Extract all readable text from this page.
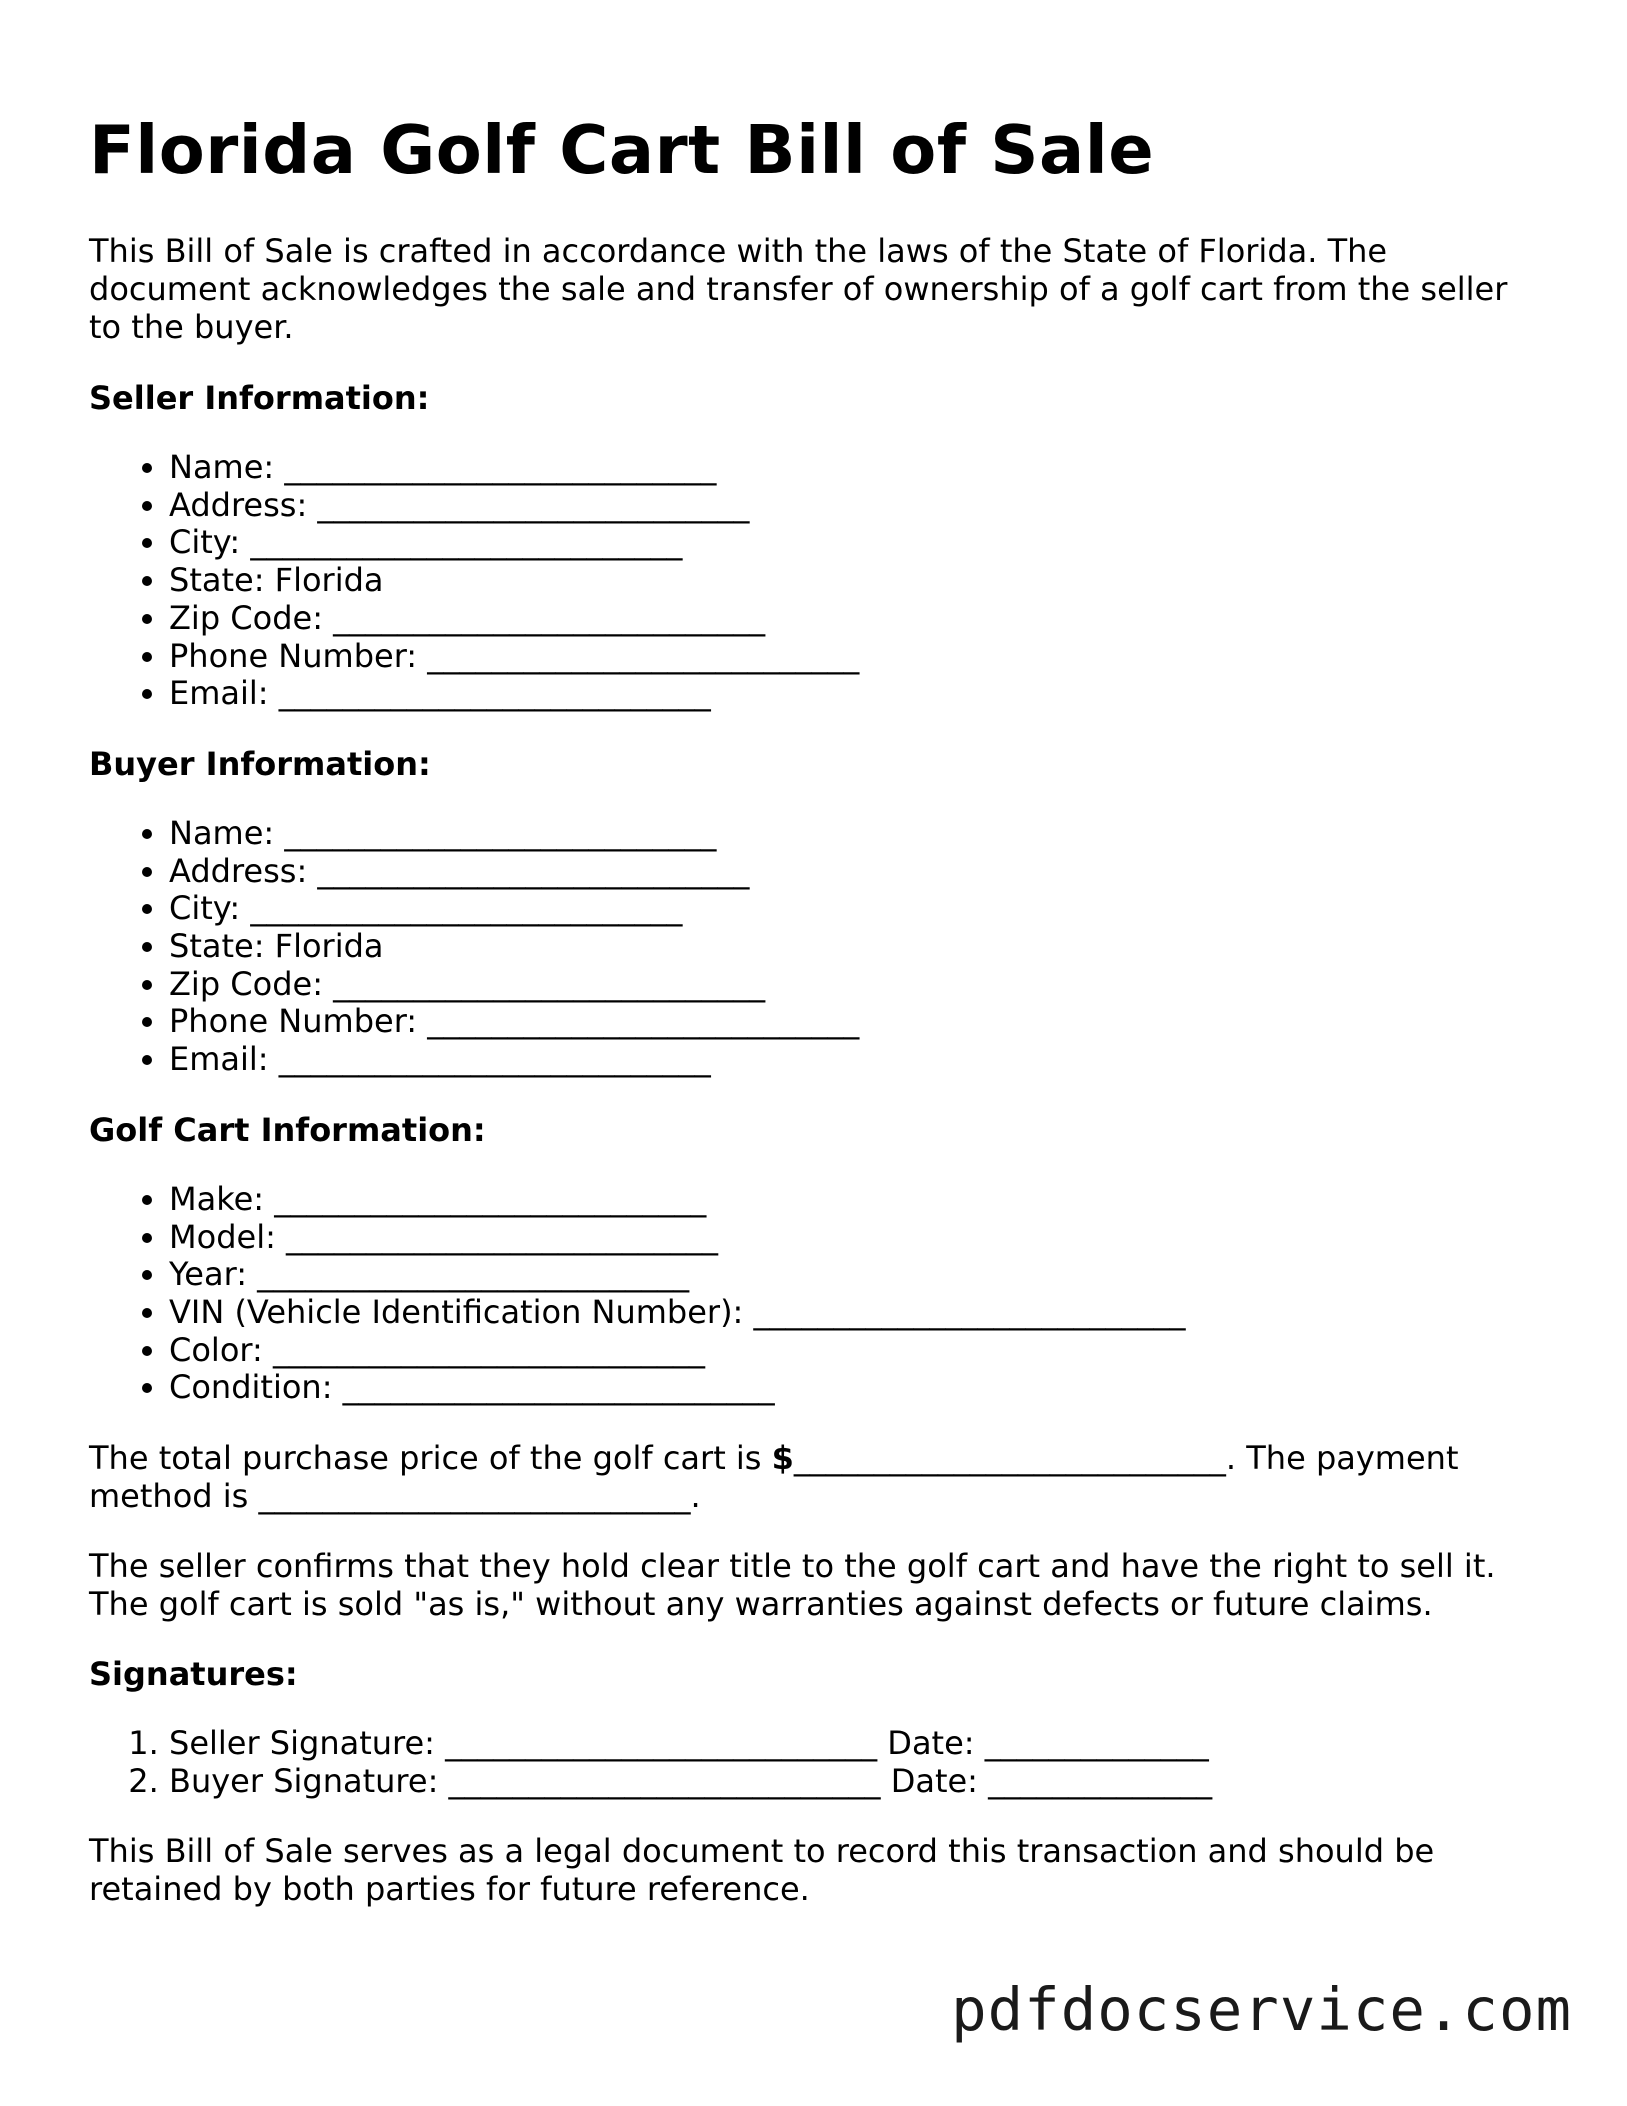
Florida Golf Cart Bill of Sale

This Bill of Sale is crafted in accordance with the laws of the State of Florida. The document acknowledges the sale and transfer of ownership of a golf cart from the seller to the buyer.

Seller Information:
• Name: ___________________________
• Address: ___________________________
• City: ___________________________
• State: Florida
• Zip Code: ___________________________
• Phone Number: ___________________________
• Email: ___________________________
Buyer Information:
• Name: ___________________________
• Address: ___________________________
• City: ___________________________
• State: Florida
• Zip Code: ___________________________
• Phone Number: ___________________________
• Email: ___________________________
Golf Cart Information:
• Make: ___________________________
• Model: ___________________________
• Year: ___________________________
• VIN (Vehicle Identification Number): ___________________________
• Color: ___________________________
• Condition: ___________________________

The total purchase price of the golf cart is $___________________________. The payment method is ___________________________.

The seller confirms that they hold clear title to the golf cart and have the right to sell it. The golf cart is sold "as is," without any warranties against defects or future claims.

Signatures:
1. Seller Signature: ___________________________ Date: ______________
2. Buyer Signature: ___________________________ Date: ______________

This Bill of Sale serves as a legal document to record this transaction and should be retained by both parties for future reference.

pdfdocservice.com
